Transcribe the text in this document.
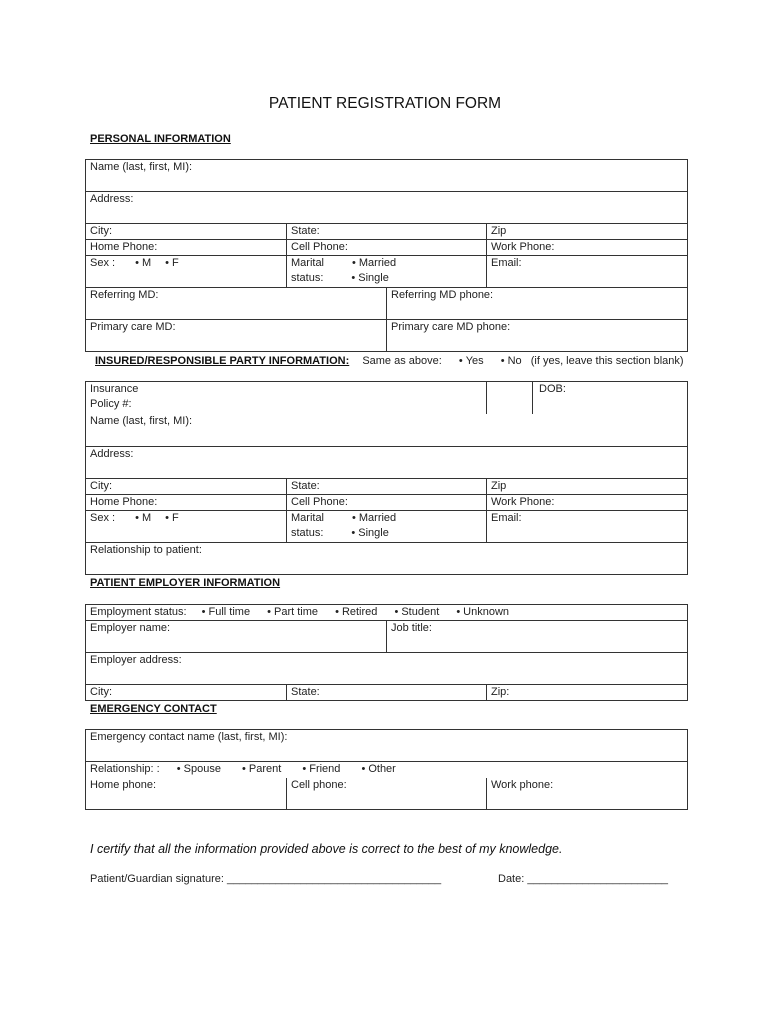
PATIENT REGISTRATION FORM
PERSONAL INFORMATION
Name (last, first, MI):			
Address:			
City:	State:		Zip
Home Phone:	Cell Phone:		Work Phone:
Sex : • M • F	Marital • Married
status: • Single		Email:
Referring MD:		Referring MD phone:	
Primary care MD:		Primary care MD phone:	
INSURED/RESPONSIBLE PARTY INFORMATION: Same as above: • Yes • No (if yes, leave this section blank)
Insurance
Policy #:		DOB:

Name (last, first, MI):		
Address:		
City:	State:	Zip
Home Phone:	Cell Phone:	Work Phone:
Sex : • M • F	Marital • Married
status: • Single	Email:
Relationship to patient:		
PATIENT EMPLOYER INFORMATION
Employment status: • Full time • Part time • Retired • Student • Unknown
Employer name:		Job title:	
Employer address:			
City:	State:		Zip:
EMERGENCY CONTACT
Emergency contact name (last, first, MI):
Relationship: : • Spouse	• Parent	• Friend	• Other
Home phone:	Cell phone:	Work phone:
I certify that all the information provided above is correct to the best of my knowledge.
Patient/Guardian signature: ___________________________________	Date: _______________________
